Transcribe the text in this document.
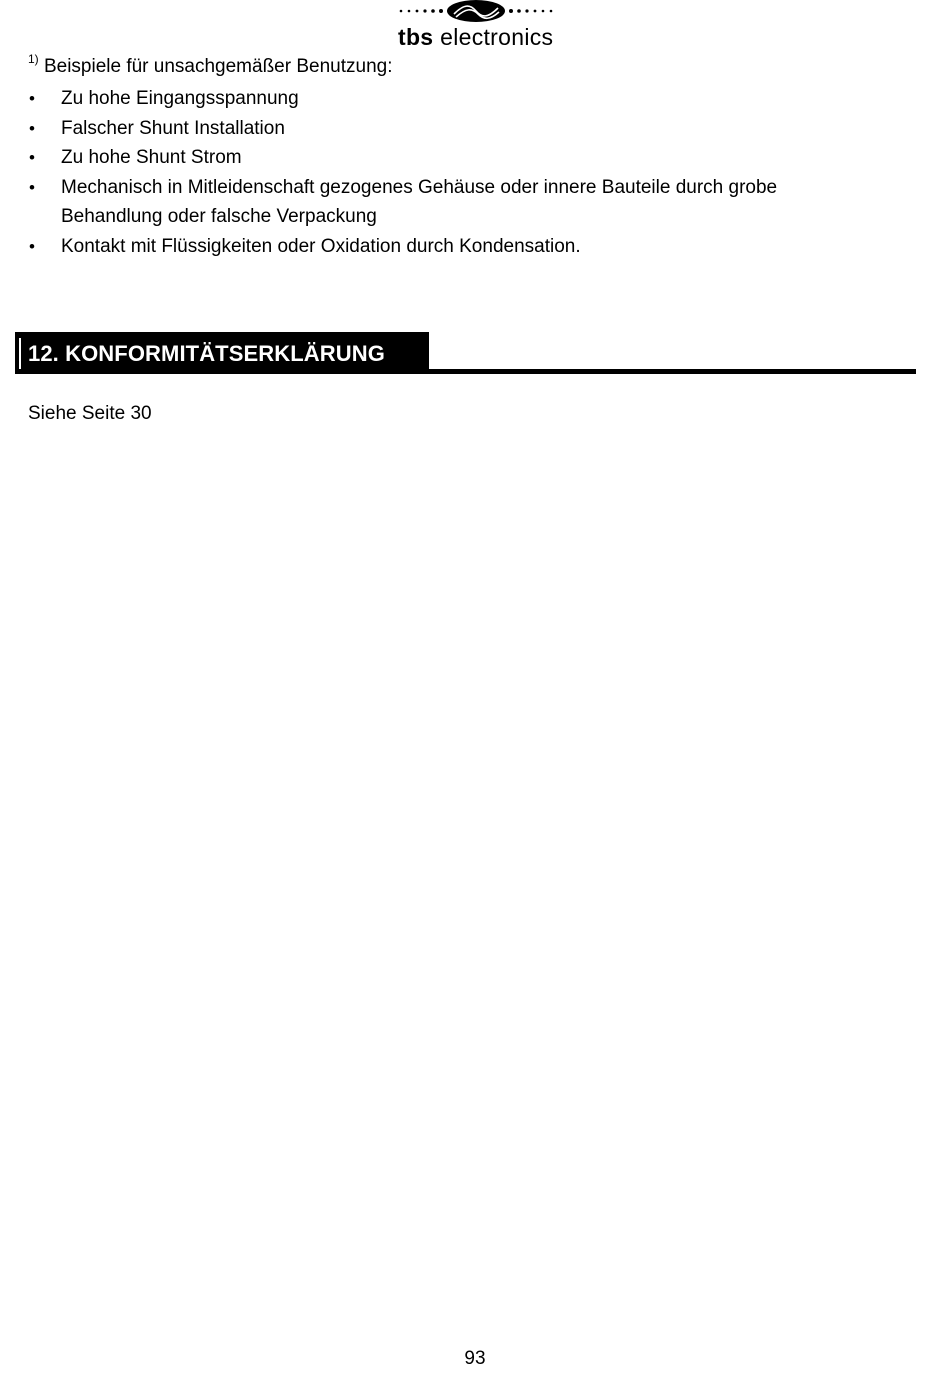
tbs electronics
$^{1)}$ Beispiele für unsachgemäßer Benutzung:
• Zu hohe Eingangsspannung
• Falscher Shunt Installation
• Zu hohe Shunt Strom
• Mechanisch in Mitleidenschaft gezogenes Gehäuse oder innere Bauteile durch grobe Behandlung oder falsche Verpackung
• Kontakt mit Flüssigkeiten oder Oxidation durch Kondensation.
12. KONFORMITÄTSERKLÄRUNG
Siehe Seite 30
93
